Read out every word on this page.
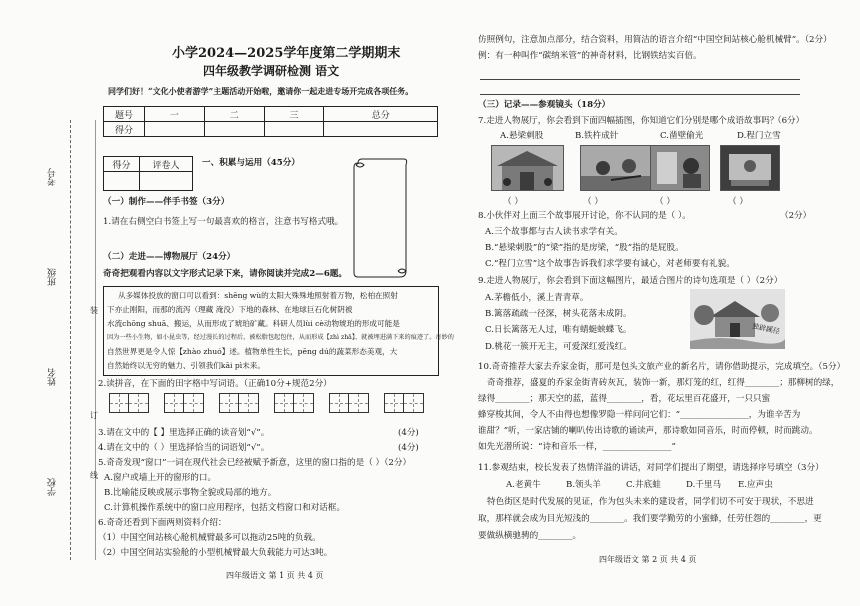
考号
班级
姓名
学校
装
订
线
小学2024—2025学年度第二学期期末
四年级教学调研检测 语文
同学们好！“文化小使者游学”主题活动开始啦，邀请你一起走进专场开完成各项任务。
题号	一	二	三	总分
得分				
得分	评卷人
		一、积累与运用（45分）
（一）制作——伴手书签（3分）
1.请在右侧空白书签上写一句最喜欢的格言，注意书写格式哦。
（二）走进——博物展厅（24分）
奇奇把观看内容以文字形式记录下来，请你阅读并完成2—6题。
从多媒体投放的窗口可以看到：shēng wù的太阳大殊殊地照射着万物，松柏在照射
下亦止刚阳，而那的流泻（理藏 淹没）下地的森林、在地球巨石化树阴被
水流chōng shuā、搬运，从而形成了琥珀矿藏。科研人员lùi cè动物琥珀的形成可能是
因为一些小生物，如小昆虫等，经过漫长的过程后，被松脂包起包住，从而形成【zhì zhā】、就被埋进满下来的痕迹了。奇妙的
自然世界更是令人惊【zhào zhuó】述。植物单性生长，pēng dú的蔬菜形态美观，大
自然始终以无穷的魅力、引领我们kāi pì未来。
2.读拼音，在下面的田字格中写词语。（正确10分+规范2分）
3.请在文中的【 】里选择正确的读音划“√”。	(4分)
4.请在文中的（ ）里选择恰当的词语划“√”。	(4分)
5.奇奇发现“窗口”一词在现代社会已经被赋予新意，这里的窗口指的是（ ）（2分）
A.窗户或墙上开的窗形的口。
B.比喻能反映或展示事物全貌或局部的地方。
C.计算机操作系统中的窗口应用程序，包括文档窗口和对话框。
6.奇奇还看到下面两则资料介绍：
（1）中国空间站核心舱机械臂最多可以拖动25吨的负载。
（2）中国空间站实验舱的小型机械臂最大负载能力可达3吨。
四年级语文 第 1 页 共 4 页
仿照例句，注意加点部分，结合资料，用简洁的语言介绍“中国空间站核心舱机械臂”。（2分）
例：有一种叫作“碳纳米管”的神奇材料，比钢铁结实百倍。
（三）记录——参观镜头（18分）
7.走进人物展厅，你会看到下面四幅插图，你知道它们分别是哪个成语故事吗？
（6分）
A.悬梁刺股	B.铁杵成针	C.凿壁偷光	D.程门立雪
（ ）	（ ）	（ ）	（ ）
8.小伙伴对上面三个故事展开讨论，你不认同的是（ ）。	（2分）
A.三个故事都与古人读书求学有关。
B.“悬梁刺股”的“梁”指的是房梁，“股”指的是屁股。
C.“程门立雪”这个故事告诉我们求学要有诚心，对老师要有礼貌。
9.走进人物展厅，你会看到下面这幅图片，最适合图片的诗句选项是（ ）（2分）
A.茅檐低小，溪上青青草。
B.篱落疏疏一径深，树头花落未成阴。
C.日长篱落无人过，唯有蜻蜓蛱蝶飞。
D.桃花一簇开无主，可爱深红爱浅红。
独辟蹊径
10.奇奇推荐大家去乔家金街，那可是包头文旅产业的新名片，请你借助提示，完成填空。（5分）
奇奇推荐，盛夏的乔家金街青砖灰瓦，装饰一新，那灯笼的红，红得________；那柳树的绿，
绿得________；那天空的蓝，蓝得________，看，花坛里百花盛开，一只只蜜
蜂穿梭其间，令人不由得也想像罗隐一样问问它们：“________________，为谁辛苦为
谁甜？”听，一家店铺的喇叭传出诗歌的诵读声，那诗歌如同音乐，时而停顿，时而跳动。
如先光潜所说：“诗和音乐一样，________________”
11.参观结束，校长发表了热情洋溢的讲话，对同学们提出了期望，请选择序号填空（3分）
A.老黄牛	B.领头羊	C.井底蛙	D.千里马 E.应声虫
特色街区是时代发展的见证，作为包头未来的建设者，同学们切不可安于现状，不思进
取，那样就会成为目光短浅的________。我们要学勤劳的小蜜蜂，任劳任怨的________，更
要做纵横驰骋的________。
四年级语文 第 2 页 共 4 页
